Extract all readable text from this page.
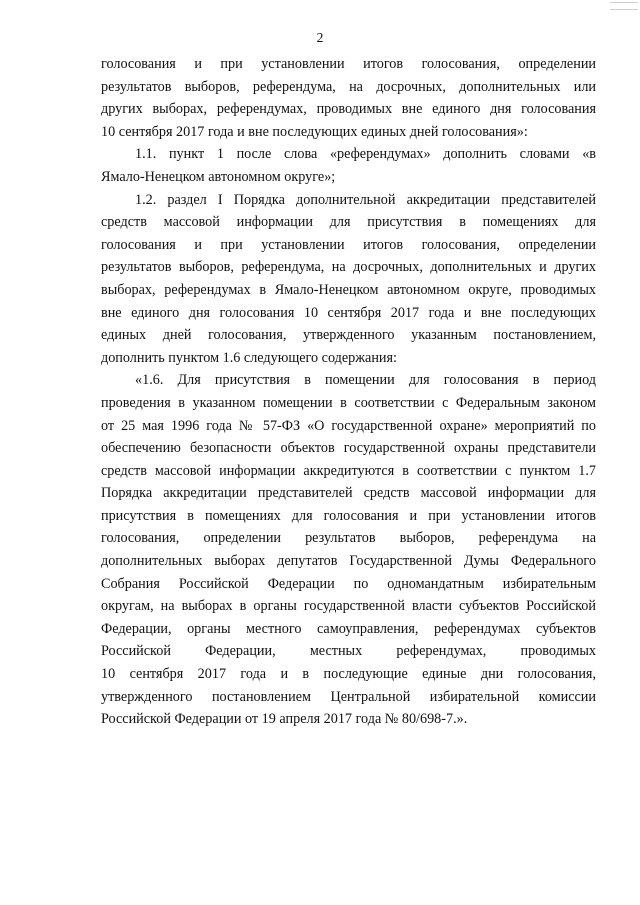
2
голосования и при установлении итогов голосования, определении
результатов выборов, референдума, на досрочных, дополнительных или
других выборах, референдумах, проводимых вне единого дня голосования
10 сентября 2017 года и вне последующих единых дней голосования»:
1.1. пункт 1 после слова «референдумах» дополнить словами «в
Ямало-Ненецком автономном округе»;
1.2. раздел I Порядка дополнительной аккредитации представителей
средств массовой информации для присутствия в помещениях для
голосования и при установлении итогов голосования, определении
результатов выборов, референдума, на досрочных, дополнительных и других
выборах, референдумах в Ямало-Ненецком автономном округе, проводимых
вне единого дня голосования 10 сентября 2017 года и вне последующих
единых дней голосования, утвержденного указанным постановлением,
дополнить пунктом 1.6 следующего содержания:
«1.6. Для присутствия в помещении для голосования в период
проведения в указанном помещении в соответствии с Федеральным законом
от 25 мая 1996 года № 57-ФЗ «О государственной охране» мероприятий по
обеспечению безопасности объектов государственной охраны представители
средств массовой информации аккредитуются в соответствии с пунктом 1.7
Порядка аккредитации представителей средств массовой информации для
присутствия в помещениях для голосования и при установлении итогов
голосования, определении результатов выборов, референдума на
дополнительных выборах депутатов Государственной Думы Федерального
Собрания Российской Федерации по одномандатным избирательным
округам, на выборах в органы государственной власти субъектов Российской
Федерации, органы местного самоуправления, референдумах субъектов
Российской Федерации, местных референдумах, проводимых
10 сентября 2017 года и в последующие единые дни голосования,
утвержденного постановлением Центральной избирательной комиссии
Российской Федерации от 19 апреля 2017 года № 80/698-7.».
